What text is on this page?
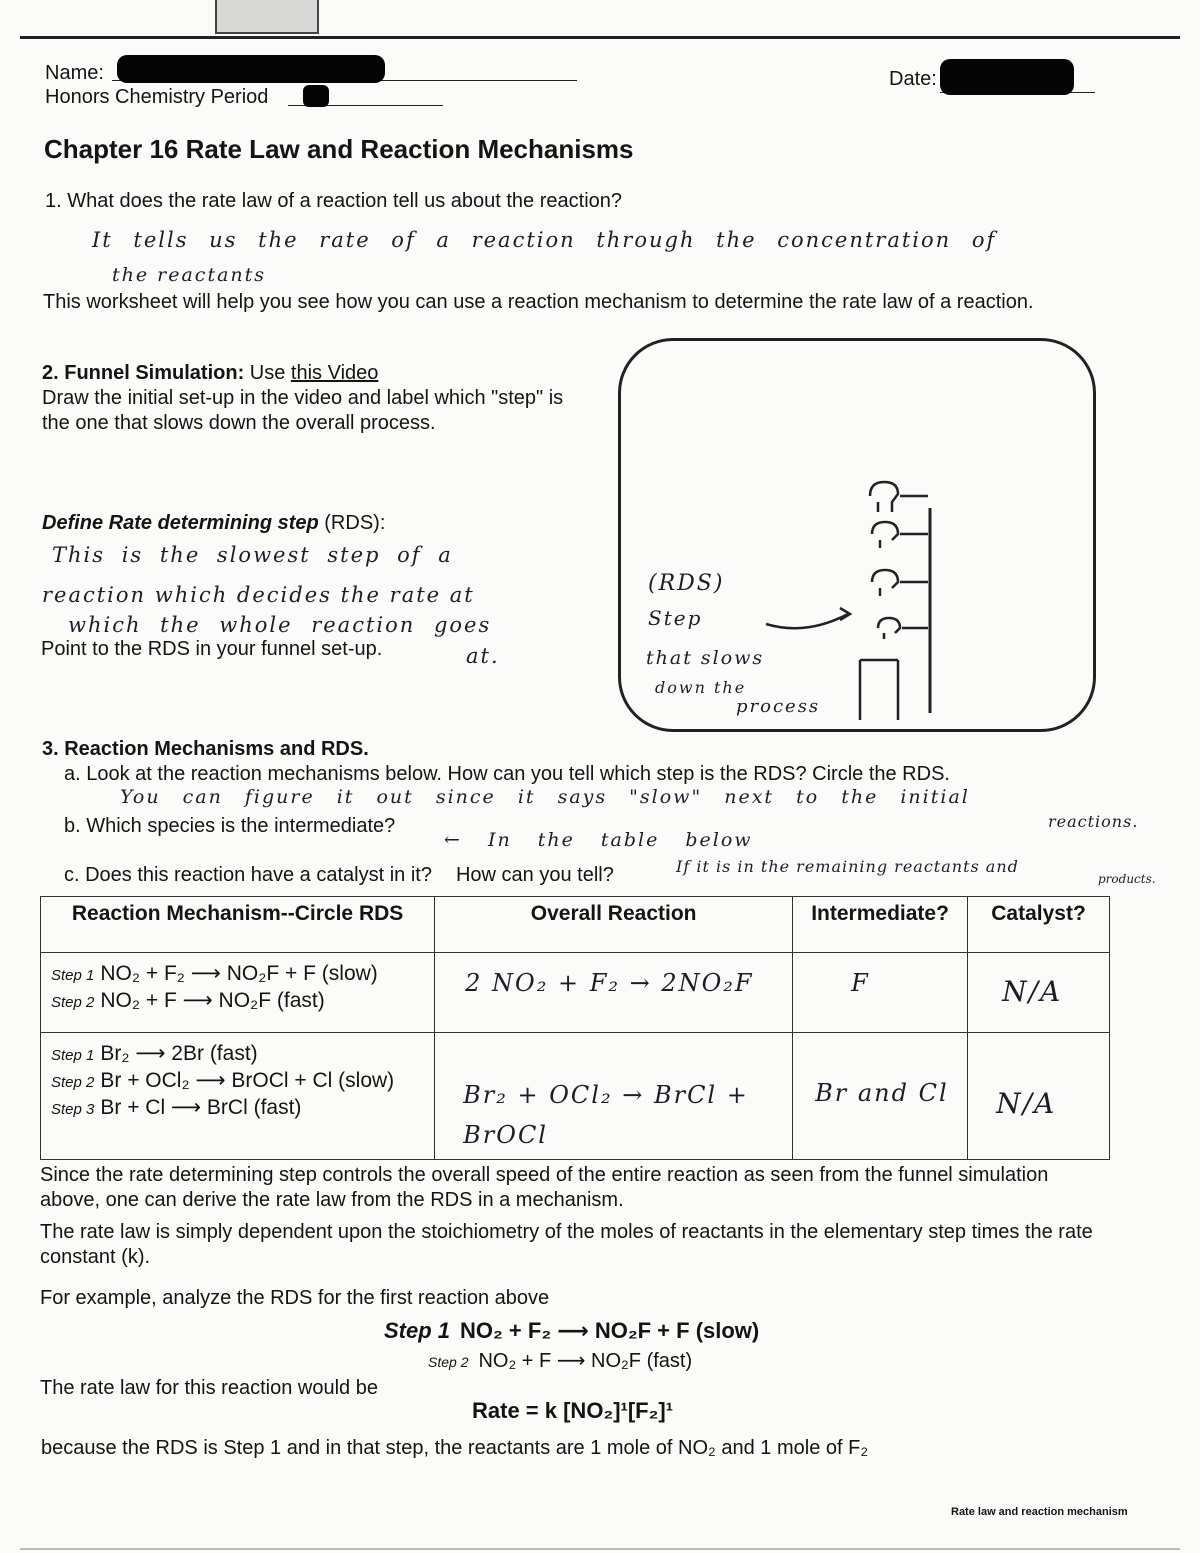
Name:
Honors Chemistry Period
Date:
Chapter 16 Rate Law and Reaction Mechanisms
1. What does the rate law of a reaction tell us about the reaction?
It tells us the rate of a reaction through the concentration of
the reactants
This worksheet will help you see how you can use a reaction mechanism to determine the rate law of a reaction.
2. Funnel Simulation: Use this Video
Draw the initial set-up in the video and label which "step" is the one that slows down the overall process.
Define Rate determining step (RDS):
This is the slowest step of a
reaction which decides the rate at
which the whole reaction goes
at.
Point to the RDS in your funnel set-up.
(RDS)
Step
that slows
down the
process
3. Reaction Mechanisms and RDS.
a. Look at the reaction mechanisms below. How can you tell which step is the RDS? Circle the RDS.
You can figure it out since it says "slow" next to the initial
reactions.
b. Which species is the intermediate?
← In the table below
c. Does this reaction have a catalyst in it? How can you tell?	If it is in the remaining reactants and
products.
Reaction Mechanism--Circle RDS	Overall Reaction	Intermediate?	Catalyst?

Step 1 NO₂ + F₂ ⟶ NO₂F + F (slow)
Step 2 NO₂ + F ⟶ NO₂F (fast)	2 NO₂ + F₂ → 2NO₂F	F	N/A

Step 1 Br₂ ⟶ 2Br (fast)
Step 2 Br + OCl₂ ⟶ BrOCl + Cl (slow)
Step 3 Br + Cl ⟶ BrCl (fast)	Br₂ + OCl₂ → BrCl + BrOCl	Br and Cl	N/A
Since the rate determining step controls the overall speed of the entire reaction as seen from the funnel simulation above, one can derive the rate law from the RDS in a mechanism.
The rate law is simply dependent upon the stoichiometry of the moles of reactants in the elementary step times the rate constant (k).
For example, analyze the RDS for the first reaction above
Step 1 NO₂ + F₂ ⟶ NO₂F + F (slow)
Step 2 NO₂ + F ⟶ NO₂F (fast)
The rate law for this reaction would be
Rate = k [NO₂]¹[F₂]¹
because the RDS is Step 1 and in that step, the reactants are 1 mole of NO₂ and 1 mole of F₂
Rate law and reaction mechanism
